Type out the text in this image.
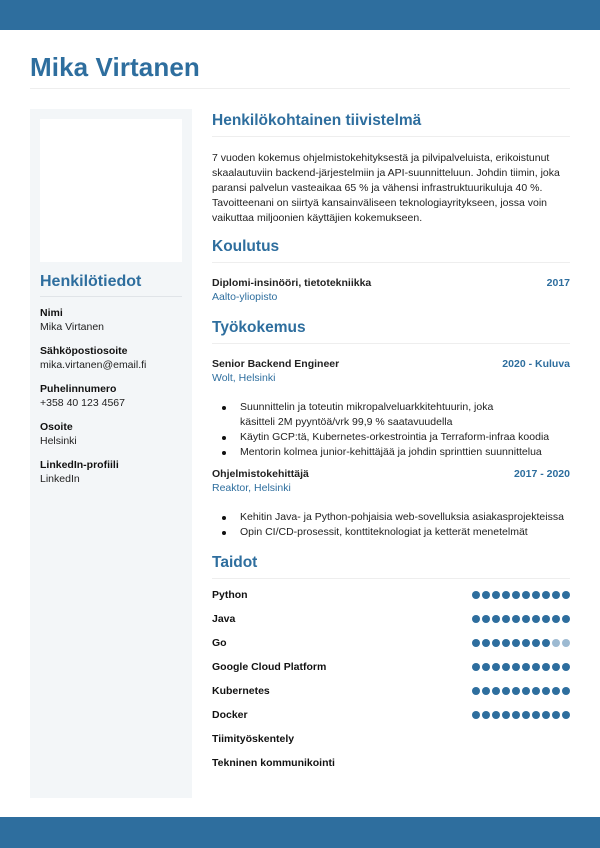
Mika Virtanen
Henkilötiedot
Nimi
Mika Virtanen
Sähköpostiosoite
mika.virtanen@email.fi
Puhelinnumero
+358 40 123 4567
Osoite
Helsinki
LinkedIn-profiili
LinkedIn
Henkilökohtainen tiivistelmä

7 vuoden kokemus ohjelmistokehityksestä ja pilvipalveluista, erikoistunut skaalautuviin backend-järjestelmiin ja API-suunnitteluun. Johdin tiimin, joka paransi palvelun vasteaikaa 65 % ja vähensi infrastruktuurikuluja 40 %. Tavoitteenani on siirtyä kansainväliseen teknologiayritykseen, jossa voin vaikuttaa miljoonien käyttäjien kokemukseen.

Koulutus
Diplomi-insinööri, tietotekniikka	2017
Aalto-yliopisto
Työkokemus
Senior Backend Engineer	2020 - Kuluva
Wolt, Helsinki
Suunnittelin ja toteutin mikropalveluarkkitehtuurin, joka käsitteli 2M pyyntöä/vrk 99,9 % saatavuudella
Käytin GCP:tä, Kubernetes-orkestrointia ja Terraform-infraa koodia
Mentorin kolmea junior-kehittäjää ja johdin sprinttien suunnittelua
Ohjelmistokehittäjä	2017 - 2020
Reaktor, Helsinki
Kehitin Java- ja Python-pohjaisia web-sovelluksia asiakasprojekteissa
Opin CI/CD-prosessit, konttiteknologiat ja ketterät menetelmät
Taidot
Python
Java
Go
Google Cloud Platform
Kubernetes
Docker
Tiimityöskentely
Tekninen kommunikointi
